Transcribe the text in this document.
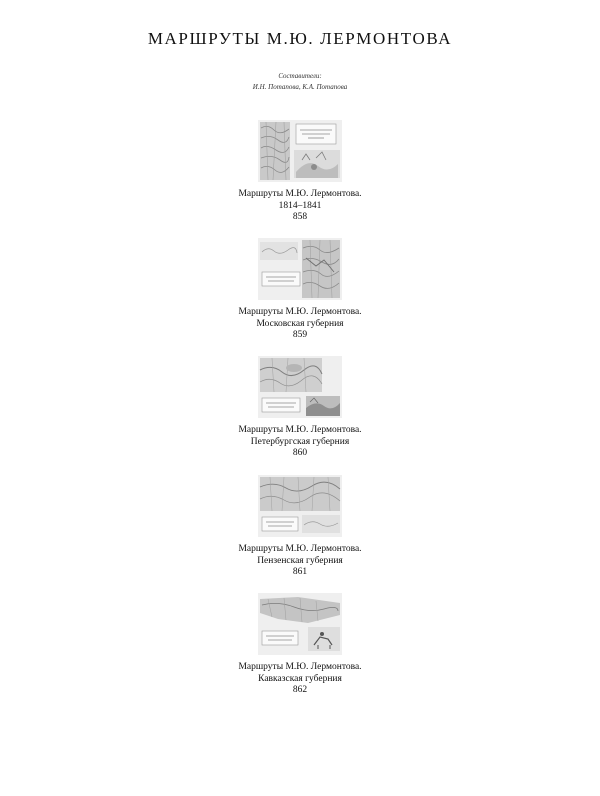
МАРШРУТЫ М.Ю. ЛЕРМОНТОВА
Составители:
И.Н. Потапова, К.А. Потапова
Маршруты М.Ю. Лермонтова.
1814–1841
858
Маршруты М.Ю. Лермонтова.
Московская губерния
859
Маршруты М.Ю. Лермонтова.
Петербургская губерния
860
Маршруты М.Ю. Лермонтова.
Пензенская губерния
861
Маршруты М.Ю. Лермонтова.
Кавказская губерния
862
